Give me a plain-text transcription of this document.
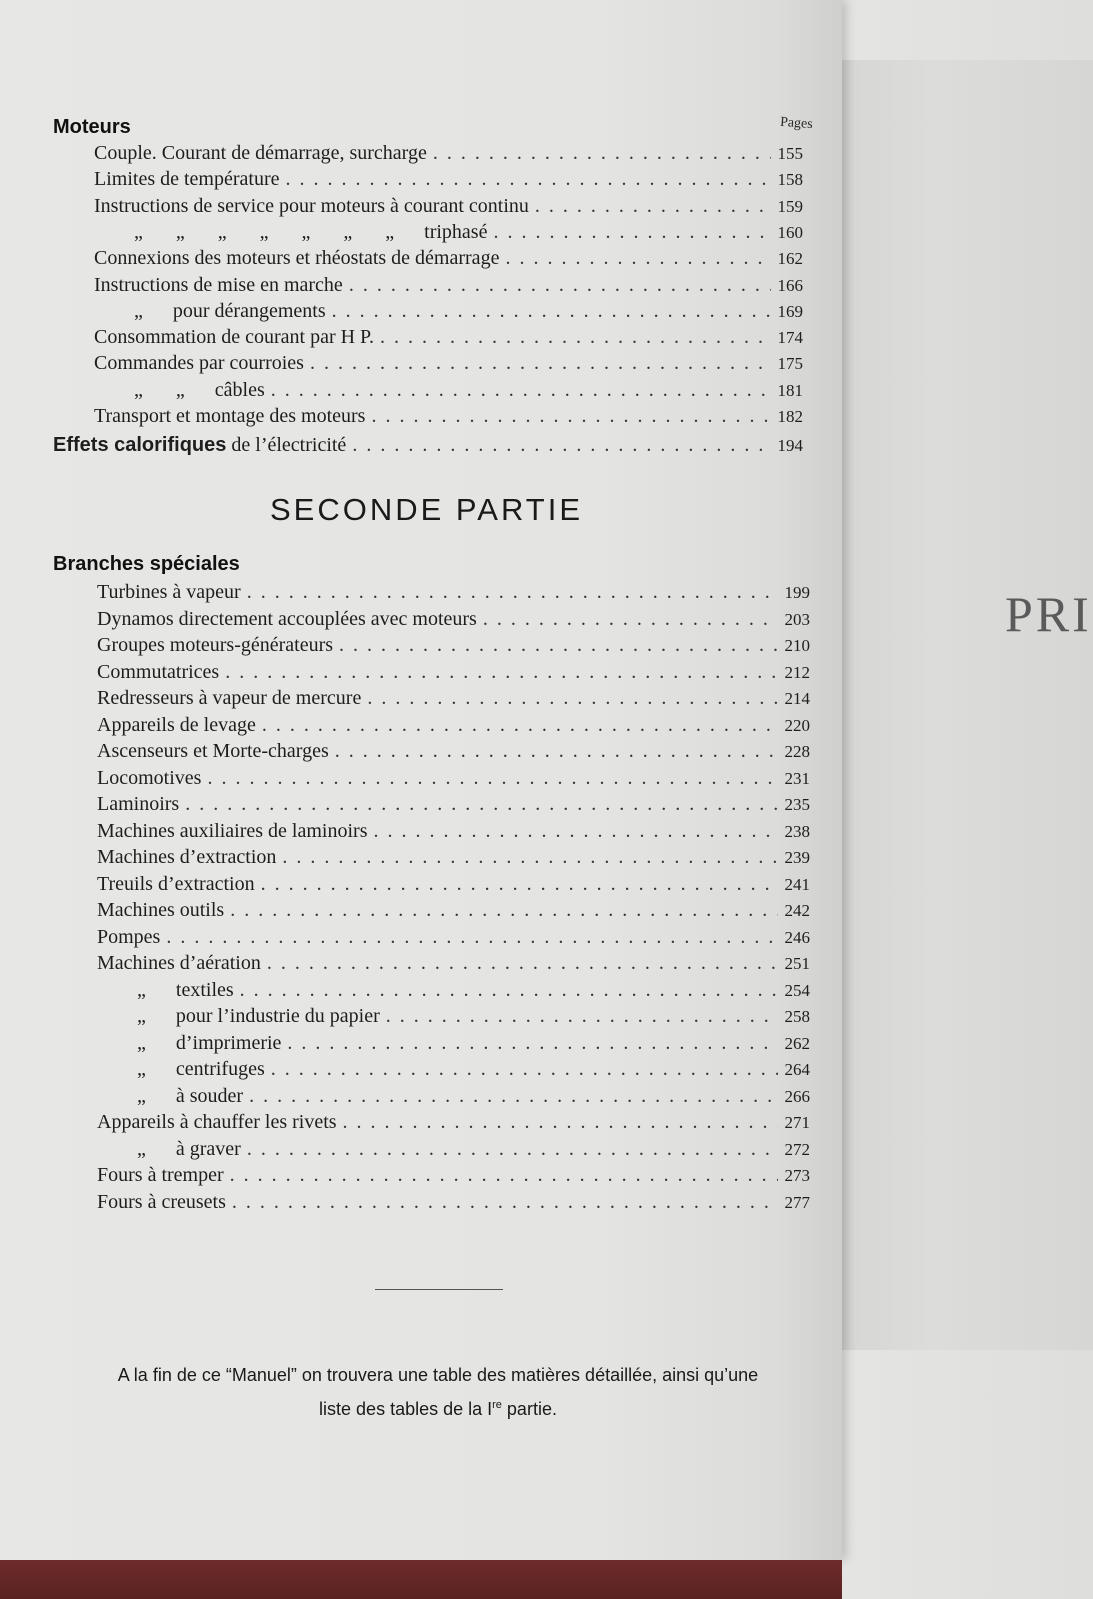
PRI
Pages
Moteurs
Couple. Courant de démarrage, surcharge . . .	155
Limites de température . . .	158
Instructions de service pour moteurs à courant continu . . .	159
„ „ „ „ „ „ „ triphasé . . .	160
Connexions des moteurs et rhéostats de démarrage . . .	162
Instructions de mise en marche . . .	166
„ pour dérangements . . .	169
Consommation de courant par H P. . . .	174
Commandes par courroies . . .	175
„ „ câbles . . .	181
Transport et montage des moteurs . . .	182
Effets calorifiques de l’électricité . . .	194
SECONDE PARTIE
Branches spéciales
Turbines à vapeur . . .	199
Dynamos directement accouplées avec moteurs . . .	203
Groupes moteurs-générateurs . . .	210
Commutatrices . . .	212
Redresseurs à vapeur de mercure . . .	214
Appareils de levage . . .	220
Ascenseurs et Morte-charges . . .	228
Locomotives . . .	231
Laminoirs . . .	235
Machines auxiliaires de laminoirs . . .	238
Machines d’extraction . . .	239
Treuils d’extraction . . .	241
Machines outils . . .	242
Pompes . . .	246
Machines d’aération . . .	251
„ textiles . . .	254
„ pour l’industrie du papier . . .	258
„ d’imprimerie . . .	262
„ centrifuges . . .	264
„ à souder . . .	266
Appareils à chauffer les rivets . . .	271
„ à graver . . .	272
Fours à tremper . . .	273
Fours à creusets . . .	277
A la fin de ce “Manuel” on trouvera une table des matières détaillée, ainsi qu’une
liste des tables de la Ire partie.
